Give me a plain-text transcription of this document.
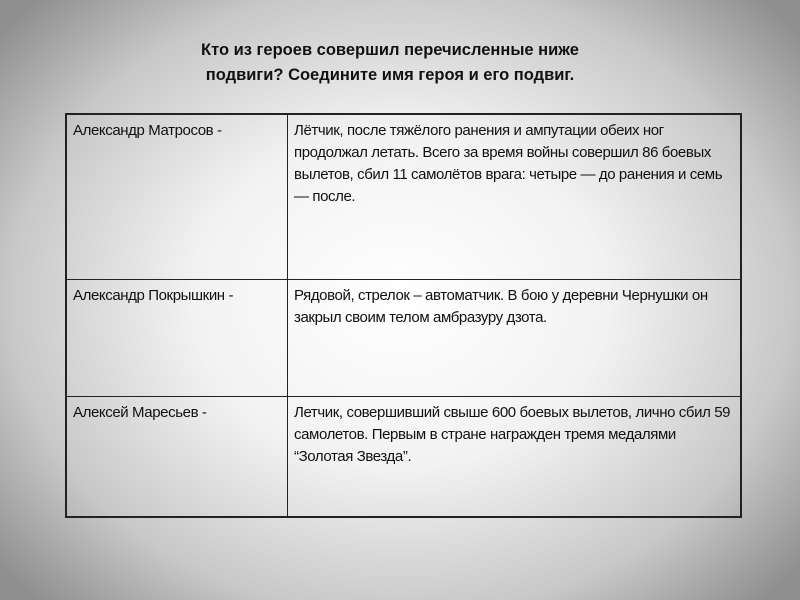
Кто из героев совершил перечисленные ниже
подвиги? Соедините имя героя и его подвиг.
Александр Матросов -	Лётчик, после тяжёлого ранения и ампутации обеих ног продолжал летать. Всего за время войны совершил 86 боевых вылетов, сбил 11 самолётов врага: четыре — до ранения и семь — после.
Александр Покрышкин -	Рядовой, стрелок – автоматчик. В бою у деревни Чернушки он закрыл своим телом амбразуру дзота.
Алексей Маресьев -	Летчик, совершивший свыше 600 боевых вылетов, лично сбил 59 самолетов. Первым в стране награжден тремя медалями “Золотая Звезда”.
